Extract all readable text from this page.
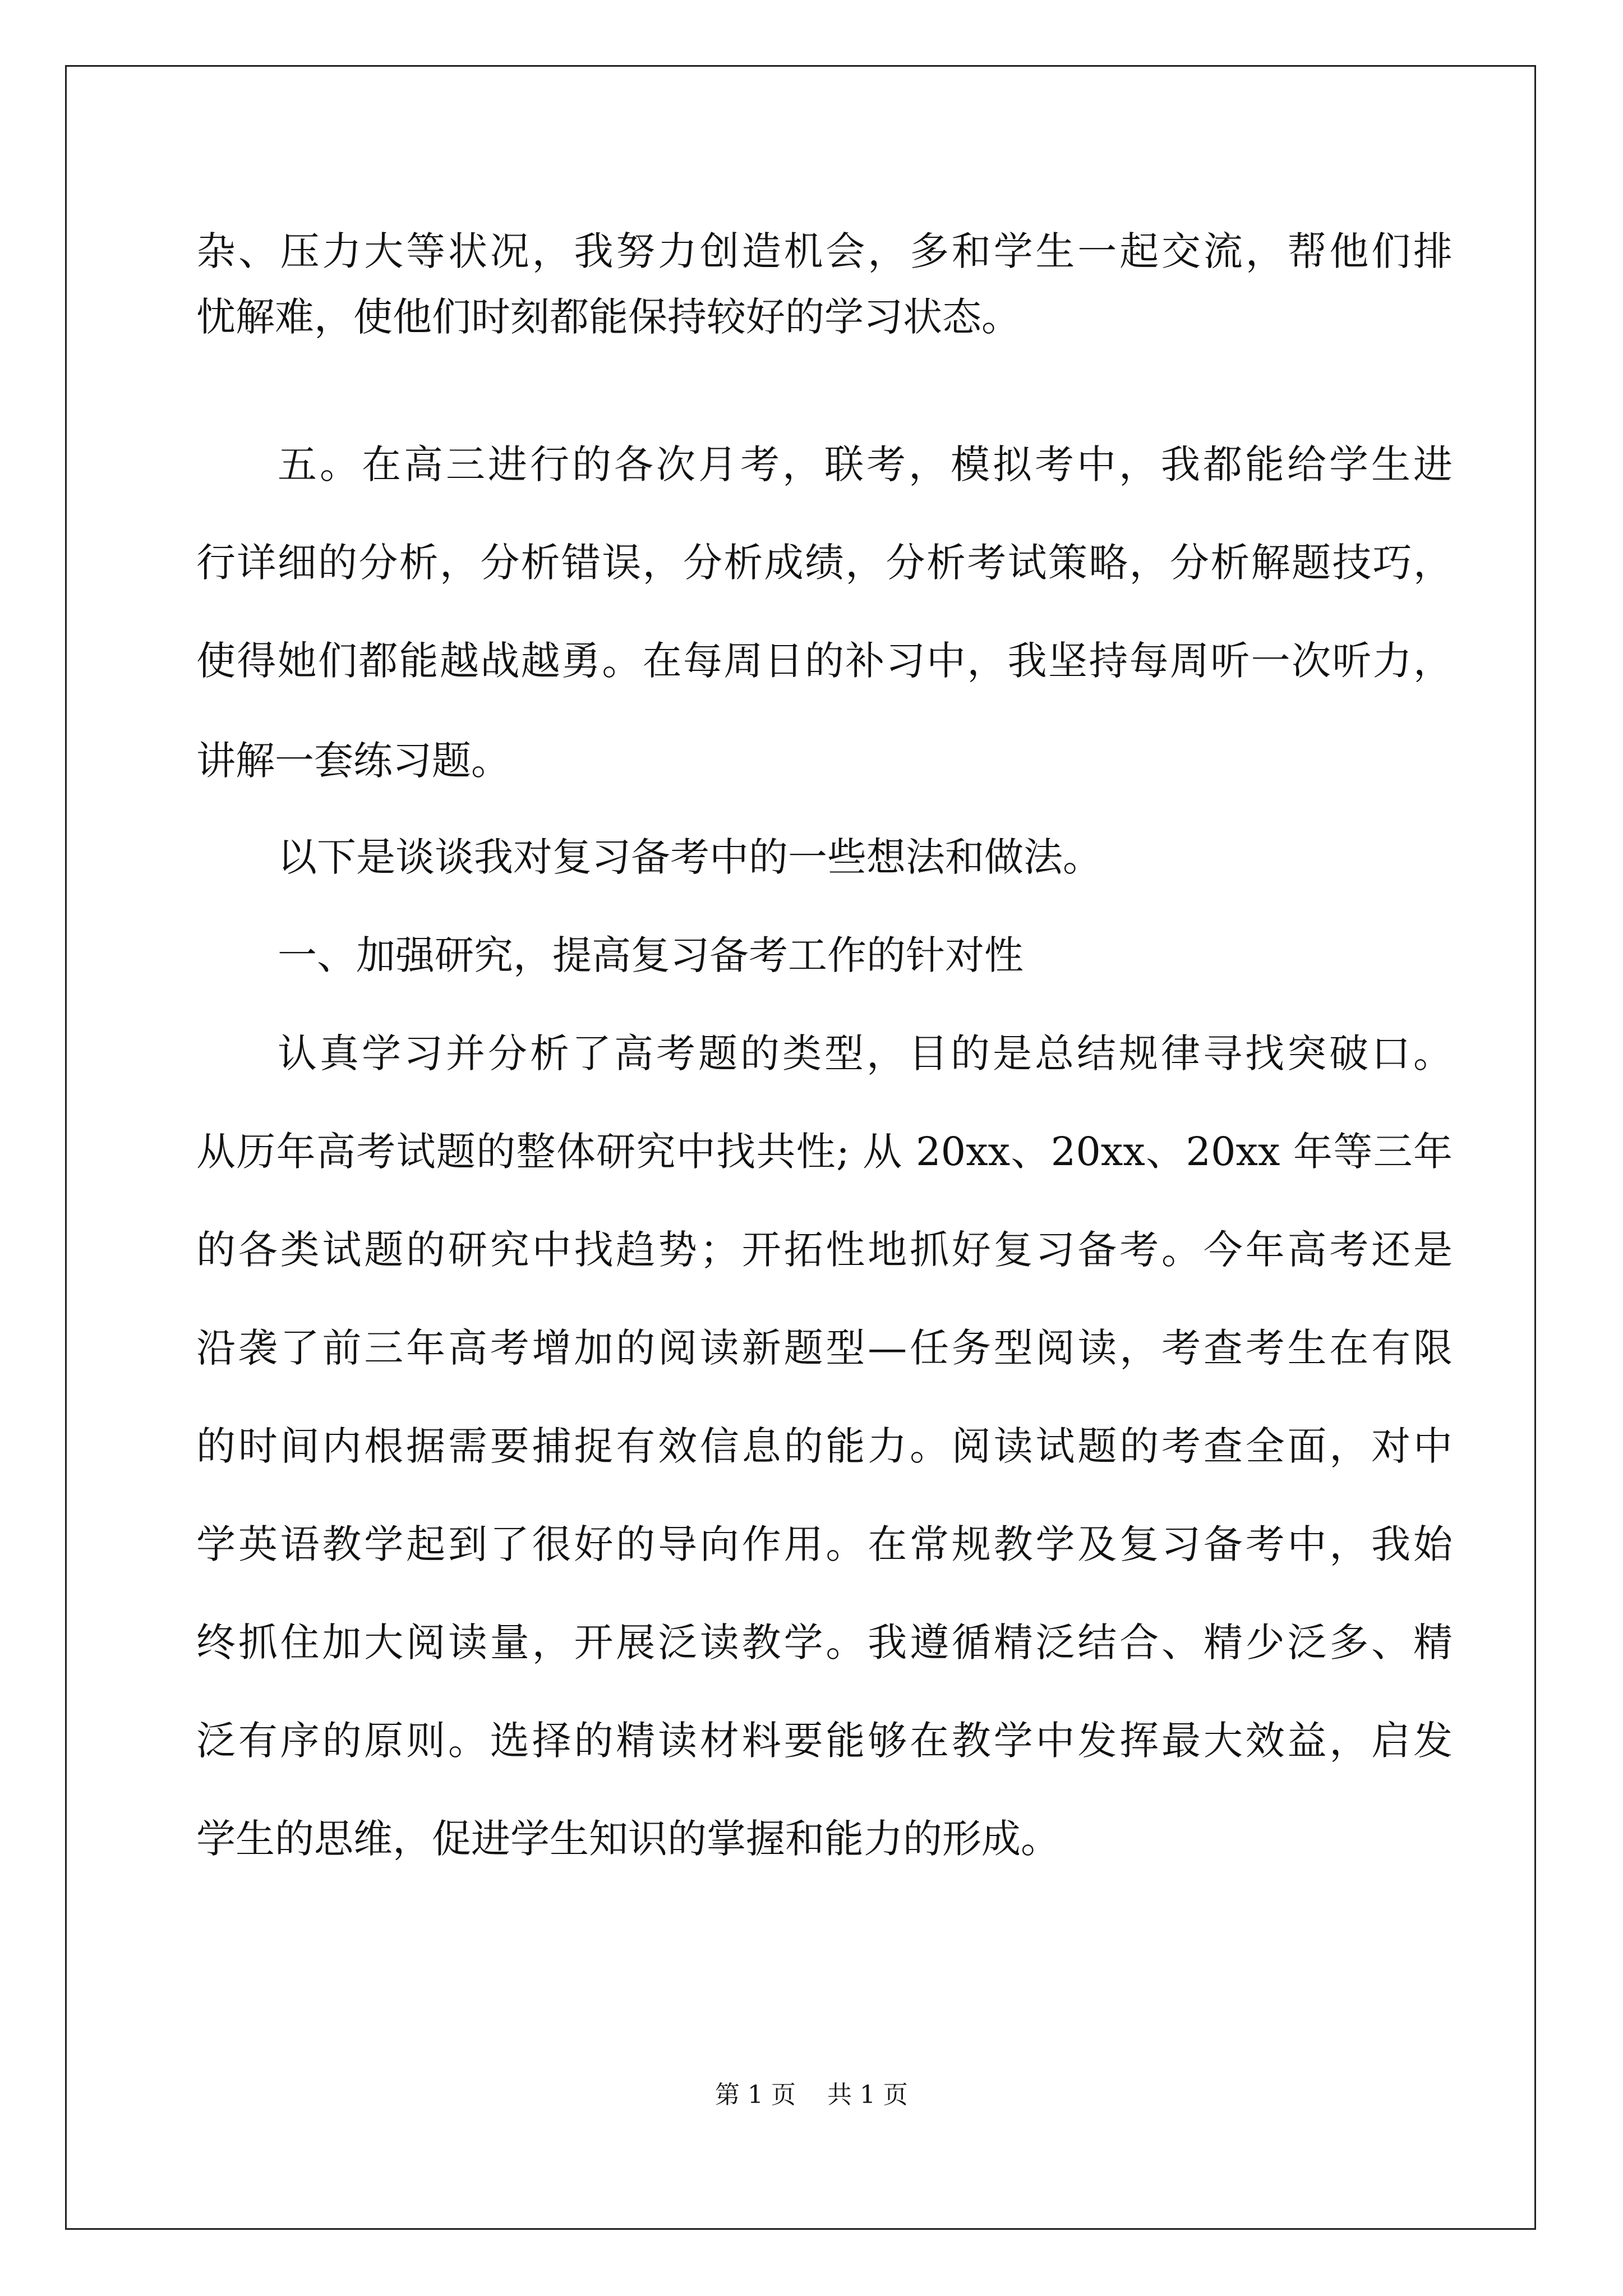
杂、压力大等状况，我努力创造机会，多和学生一起交流，帮他们排
忧解难，使他们时刻都能保持较好的学习状态。
五。在高三进行的各次月考，联考，模拟考中，我都能给学生进
行详细的分析，分析错误，分析成绩，分析考试策略，分析解题技巧，
使得她们都能越战越勇。在每周日的补习中，我坚持每周听一次听力，
讲解一套练习题。
以下是谈谈我对复习备考中的一些想法和做法。
一、加强研究，提高复习备考工作的针对性
认真学习并分析了高考题的类型，目的是总结规律寻找突破口。
从历年高考试题的整体研究中找共性; 从 20xx、20xx、20xx 年等三年
的各类试题的研究中找趋势；开拓性地抓好复习备考。今年高考还是
沿袭了前三年高考增加的阅读新题型—任务型阅读，考查考生在有限
的时间内根据需要捕捉有效信息的能力。阅读试题的考查全面，对中
学英语教学起到了很好的导向作用。在常规教学及复习备考中，我始
终抓住加大阅读量，开展泛读教学。我遵循精泛结合、精少泛多、精
泛有序的原则。选择的精读材料要能够在教学中发挥最大效益，启发
学生的思维，促进学生知识的掌握和能力的形成。
第 1 页    共 1 页
